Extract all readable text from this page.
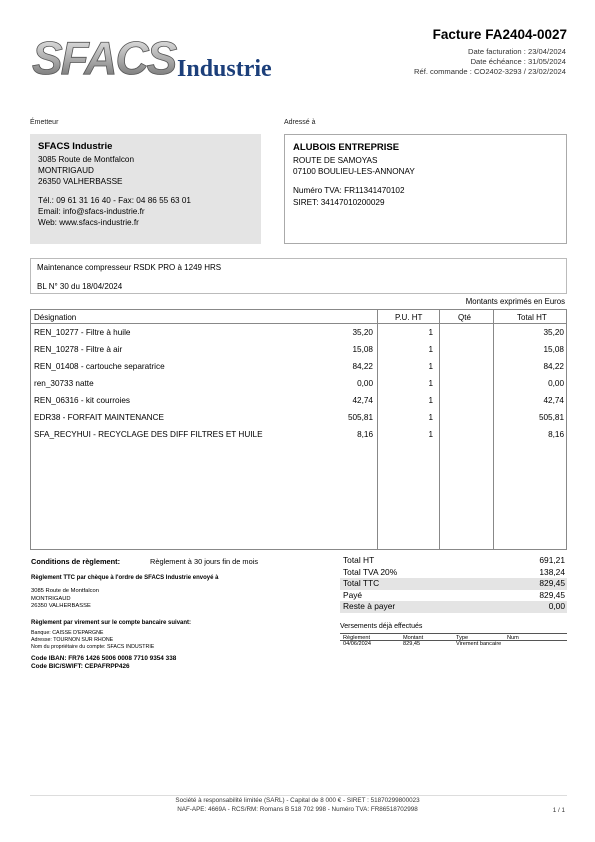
SFACS Industrie
Facture FA2404-0027
Date facturation : 23/04/2024
Date échéance : 31/05/2024
Réf. commande : CO2402-3293 / 23/02/2024
Émetteur
SFACS Industrie
3085 Route de Montfalcon
MONTRIGAUD
26350 VALHERBASSE
Tél.: 09 61 31 16 40 - Fax: 04 86 55 63 01
Email: info@sfacs-industrie.fr
Web: www.sfacs-industrie.fr
Adressé à
ALUBOIS ENTREPRISE
ROUTE DE SAMOYAS
07100 BOULIEU-LES-ANNONAY
Numéro TVA: FR11341470102
SIRET: 34147010200029
Maintenance compresseur RSDK PRO à 1249 HRS
BL N° 30 du 18/04/2024
Montants exprimés en Euros
Désignation	P.U. HT	Qté	Total HT
REN_10277 - Filtre à huile	35,20	1	35,20
REN_10278 - Filtre à air	15,08	1	15,08
REN_01408 - cartouche separatrice	84,22	1	84,22
ren_30733 natte	0,00	1	0,00
REN_06316 - kit courroies	42,74	1	42,74
EDR38 - FORFAIT MAINTENANCE	505,81	1	505,81
SFA_RECYHUI - RECYCLAGE DES DIFF FILTRES ET HUILE	8,16	1	8,16
Conditions de règlement:	Règlement à 30 jours fin de mois
Règlement TTC par chèque à l'ordre de SFACS Industrie envoyé à
3085 Route de Montfalcon
MONTRIGAUD
26350 VALHERBASSE
Règlement par virement sur le compte bancaire suivant:
Banque: CAISSE D'EPARGNE
Adresse: TOURNON SUR RHONE
Nom du propriétaire du compte: SFACS INDUSTRIE
Code IBAN: FR76 1426 5006 0008 7710 9354 338
Code BIC/SWIFT: CEPAFRPP426
Total HT	691,21
Total TVA 20%	138,24
Total TTC	829,45
Payé	829,45
Reste à payer	0,00
Versements déjà effectués
Règlement	Montant	Type	Num
04/06/2024	829,45	Virement bancaire
Société à responsabilité limitée (SARL) - Capital de 8 000 € - SIRET : 51870299800023
NAF-APE: 4669A - RCS/RM: Romans B 518 702 998 - Numéro TVA: FR86518702998	1 / 1
